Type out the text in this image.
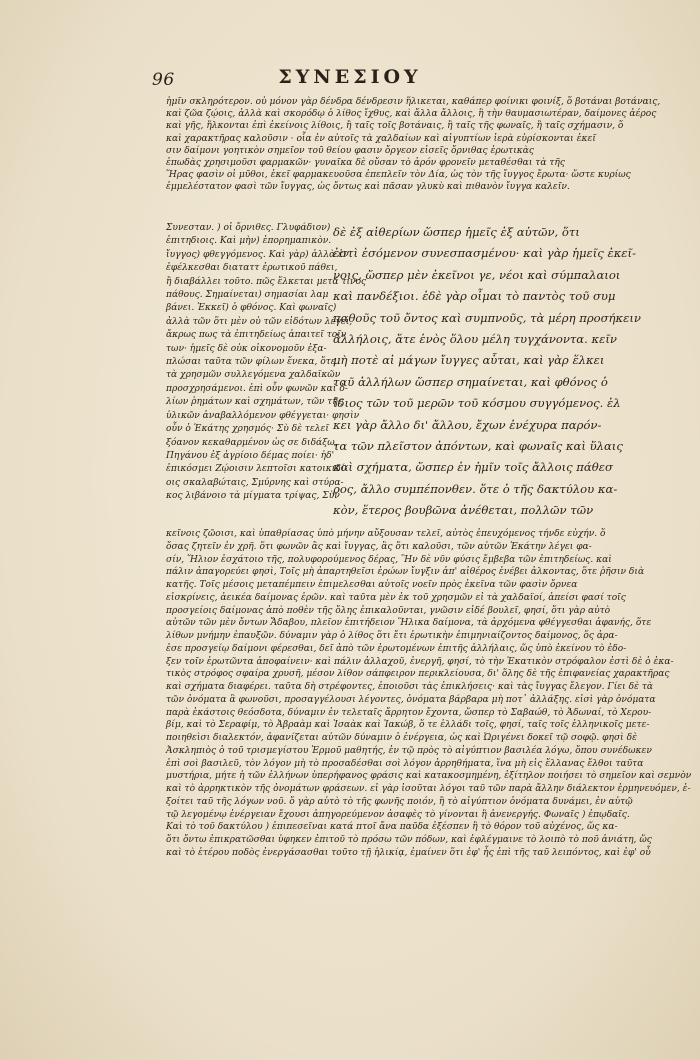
96	ΣΥΝΕΣΙΟΥ
ἡμῖν σκληρότερον. οὐ μόνον γὰρ δένδρα δένδρεσιν ἥλικεται, καθάπερ φοίνικι φοινίξ, ὅ βοτάναι βοτάναις,
καὶ ζῶα ζῴοις, ἀλλὰ καὶ σκορόδῳ ὁ λίθος ἴχθυς, καὶ ἄλλα ἄλλοις, ἣ τὴν θαυμασιωτέραν, δαίμονες ἀέρος
καὶ γῆς, ἥλκονται ἐπὶ ἐκείνοις λίθοις, ἢ ταῖς τοῖς βοτάναις, ἢ ταῖς τῆς φωναῖς, ἢ ταῖς σχήμασιν, ὅ
καὶ χαρακτῆρας καλοῦσιν · οἷα ἐν αὐτοῖς τὰ χαλδαίων καὶ αἰγυπτίων ἰερὰ εὑρίσκονται ἐκεῖ
σιν δαίμονι γοητικὸν σημεῖον τοῦ θείου φασιν ὄργεον εἰσεῖς ὄρνιθας ἐρωτικὰς
ἐπωδὰς χρησιμοῦσι φαρμακῶν· γυναῖκα δὲ οὔσαν τὸ ἀρόν φρονεῖν μεταθέσθαι τὰ τῆς
Ἥρας φασὶν οἱ μῦθοι, ἐκεῖ φαρμακευοῦσα ἐπεπλεῖν τὸν Δία, ὡς τὸν τῆς ἴυγγος ἔρωτα· ὥστε κυρίως
ἐμμελέστατον φασὶ τῶν ἴυγγας, ὡς ὄντως καὶ πᾶσαν γλυκὺ καὶ πιθανὸν ἴυγγα καλεῖν.
Συνεσταν. ) οἱ ὄρνιθες. Γλυφάδιον)
ἐπιτηδιοις. Καὶ μὴν) ἐπορημαπικὸν.
ἴυγγος) φθεγγόμενος. Καὶ γὰρ) ἀλλὰ ἐν
ἐφέλκεσθαι διαταττ ἐρωτικοῦ πάθει,
ἢ διαβάλλει τοῦτο. πῶς ἕλκεται μετά τινος
πάθους. Σημαίνεται) σημασίαι λαμ
βάνει. Ἐκκεῖ) ὁ φθόνος. Καὶ φωναῖς)
ἀλλὰ τῶν ὅτι μὲν οὐ τῶν εἰδότων λέγει,
ἄκρως πως τὰ ἐπιτηδείως ἀπαιτεῖ τοῖν
των· ἡμεῖς δὲ οὐκ οἰκονομοῦν ἐξα-
πλώσαι ταῦτα τῶν φίλων ἕνεκα, ὅτε
τὰ χρησμῶν συλλεγόμενα χαλδαϊκῶν
προσχρησάμενοι. ἐπὶ οὖν φωνῶν καὶ ὀ-
λίων ῥημάτων καὶ σχημάτων, τῶν τῆς
ὑλικῶν ἀναβαλλόμενον φθέγγεται· φησὶν
οὖν ὁ Ἑκάτης χρησμός· Σὺ δὲ τελεῖ
ξόανον κεκαθαρμένον ὡς σε διδάξω,
Πηγάνου ἐξ ἀγρίοιο δέμας ποίει· ἠδ'
ἐπικόσμει Ζῴοισιν λεπτοῖσι κατοικιδί-
οις σκαλαβώταις, Σμύρνης καὶ στύρα-
κος λιβάνοιο τὰ μίγματα τρίψας, Σὺν
δὲ ἐξ αἰθερίων ὥσπερ ἡμεῖς ἐξ αὐτῶν, ὅτι
ἐστὶ ἐσόμενον συνεσπασμένου· καὶ γὰρ ἡμεῖς ἐκεῖ-
νοις, ὥσπερ μὲν ἐκεῖνοι γε, νέοι καὶ σύμπαλαιοι
καὶ πανδέξιοι. ἐδὲ γὰρ οἶμαι τὸ παντὸς τοῦ συμ
παθοῦς τοῦ ὄντος καὶ συμπνοῦς, τὰ μέρη προσήκειν
ἀλλήλοις, ἅτε ἑνὸς ὅλου μέλη τυγχάνοντα. κεῖν
μὴ ποτὲ αἱ μάγων ἴυγγες αὗται, καὶ γὰρ ἕλκει
ταῦ ἀλλήλων ὥσπερ σημαίνεται, καὶ φθόνος ὁ
ἴδιος τῶν τοῦ μερῶν τοῦ κόσμου συγγόμενος. ἐλ
κει γὰρ ἄλλο δι' ἄλλου, ἔχων ἐνέχυρα παρόν-
τα τῶν πλεῖστον ἀπόντων, καὶ φωναῖς καὶ ὕλαις
καὶ σχήματα, ὥσπερ ἐν ἡμῖν τοῖς ἄλλοις πάθεσ
ρος, ἄλλο συμπέπονθεν. ὅτε ὁ τῆς δακτύλου κα-
κὸν, ἕτερος βουβῶνα ἀνέθεται, πολλῶν τῶν
κεῖνοις ζῶοισι, καὶ ὑπαθρίασας ὑπὸ μήνην αὔξουσαν τελεῖ, αὐτὸς ἐπευχόμενος τήνδε εὐχήν. ὅ
ὅσας ζητεῖν ἐν χρῆ. ὅτι φωνῶν ἂς καὶ ἴυγγας, ἃς ὅτι καλοῦσι, τῶν αὐτῶν Ἑκάτην λέγει φα-
σίν, Ἥλιον ἐσχάτοιο τῆς, πολυφορούμενος δέρας, Ἣν δὲ νῦν φύσις ἔμβεβα τῶν ἐπιτηδείως. καὶ
πάλιν ἀπαγορεύει φησὶ, Τοῖς μὴ ἀπαρτηθεῖσι ἐρώων ἴυγξιν ἀπ' αἰθέρος ἐνέβει ἀλκοντας, ὅτε ῥῆσιν διὰ
κατῆς. Τοῖς μέσοις μεταπέμπειν ἐπιμελεσθαι αὐτοῖς νοεῖν πρὸς ἐκεῖνα τῶν φασὶν ὄρνεα
εἰσκρίνεις, ἀεικέα δαίμονας ἐρῶν. καὶ ταῦτα μὲν ἐκ τοῦ χρησμῶν εἰ τὰ χαλδαϊοί, ἀπείσι φασί τοῖς
προσγείοις δαίμονας ἀπὸ ποθὲν τῆς ὅλης ἐπικαλοῦνται, γνῶσιν εἰδέ βουλεῖ, φησί, ὅτι γὰρ αὐτὸ
αὐτῶν τῶν μὲν ὄντων Ἄδαβου, πλεῖον ἐπιτήδειον Ἥλικα δαίμονα, τὰ ἀρχόμενα φθέγγεσθαι ἀφανής, ὅτε
λίθων μνήμην ἐπαυξῶν. δύναμιν γὰρ ὁ λίθος ὅτι ἔτι ἐρωτικὴν ἐπιμηνιαίζοντος δαίμονος, ὅς ἀρα-
ἐσε προσγείῳ δαίμονι φέρεσθαι, δεῖ ἀπὸ τῶν ἐρωτομένων ἐπιτῆς ἀλλήλαις, ὥς ὑπὸ ἐκείνου τὸ ἐδο-
ξεν τοῖν ἐρωτῶντα ἀποφαίνειν· καὶ πάλιν ἀλλαχοῦ, ἐνεργῆ, φησί, τὸ τὴν Ἑκατικὸν στρόφαλον ἐστὶ δὲ ὁ ἑκα-
τικὸς στρόφος σφαίρα χρυσῆ, μέσον λίθον σάπφειρον περικλείουσα, δι' ὅλης δὲ τῆς ἐπιφανείας χαρακτῆρας
καὶ σχήματα διαφέρει. ταῦτα δὴ στρέφοντες, ἐποιοῦσι τὰς ἐπικλήσεις· καὶ τὰς ἴυγγας ἔλεγον. Γίει δὲ τὰ
τῶν ὀνόματα ἃ φωνοῦσι, προσαγγέλουσι λέγοντες, ὀνόματα βάρβαρα μὴ ποτ᾽ ἀλλάξης. εἰσὶ γὰρ ὀνόματα
παρὰ ἑκάστοις θεόσδοτα, δύναμιν ἐν τελεταῖς ἄρρητον ἔχοντα, ὥσπερ τὸ Σαβαώθ, τὸ Ἀδωναί, τὸ Χερου-
βίμ, καὶ τὸ Σεραφίμ, τὸ Ἀβραὰμ καὶ Ἰσαὰκ καὶ Ἰακώβ, ὅ τε ἑλλάδι τοῖς, φησί, ταῖς τοῖς ἑλληνικοῖς μετε-
ποιηθεὶσι διαλεκτόν, ἀφανίζεται αὐτῶν δύναμιν ὁ ἐνέργεια, ὡς καὶ Ὠριγένει δοκεῖ τῷ σοφῷ. φησὶ δὲ
Ἀσκληπιὸς ὁ τοῦ τρισμεγίστου Ἑρμοῦ μαθητής, ἐν τῷ πρὸς τὸ αἰγύπτιον βασιλέα λόγω, ὅπου συνέδωκεν
ἐπὶ σοὶ βασιλεῦ, τὸν λόγον μὴ τὸ προσαδέσθαι σοὶ λόγον ἀρρηθήματα, ἵνα μὴ εἰς ἕλλανας ἔλθοι ταῦτα
μυστήρια, μήτε ἡ τῶν ἑλλήνων ὑπερήφανος φράσις καὶ κατακοσμημένη, ἐξίτηλον ποιήσει τὸ σημεῖον καὶ σεμνὸν
καὶ τὸ ἀρρηκτικὸν τῆς ὀνομάτων φράσεων. εἰ γὰρ ἰσοῦται λόγοι ταῦ τῶν παρὰ ἄλλην διάλεκτον ἑρμηνευόμεν, ἐ-
ξοίτει ταῦ τῆς λόγων νοῦ. ὅ γὰρ αὐτὸ τὸ τῆς φωνῆς ποιόν, ἢ τὸ αἰγύπτιον ὀνόματα δυνάμει, ἐν αὐτῷ
τῷ λεγομένῳ ἐνέργειαν ἔχουσι ἀπηγορεύμενον ἀσαφὲς τὸ γίνονται ἢ ἀνενεργής. Φωναῖς ) ἐπῳδαῖς.
Καὶ τὸ τοῦ δακτύλου ) ἐπιπεσεῖναι κατά πτοῖ ἄνα παῦδα ἐξέσπεν ἢ τὸ θόρον τοῦ αὐχένος, ὥς κα-
ὅτι ὄντω ἐπικρατῶσθαι ὑφηκεν ἐπιτοῦ τὸ πρόσω τῶν πόδων, καὶ ἐφλέγμαινε τὸ λοιπὸ τὸ ποῦ ἀνιάτη, ὥς
καὶ τὸ ἑτέρου ποδὸς ἐνεργάσασθαι τοῦτο τῇ ἡλικίᾳ, ἐμαίνεν ὅτι ἐφ' ἧς ἐπὶ τῆς ταῦ λειπόντος, καὶ ἐφ' οὗ
